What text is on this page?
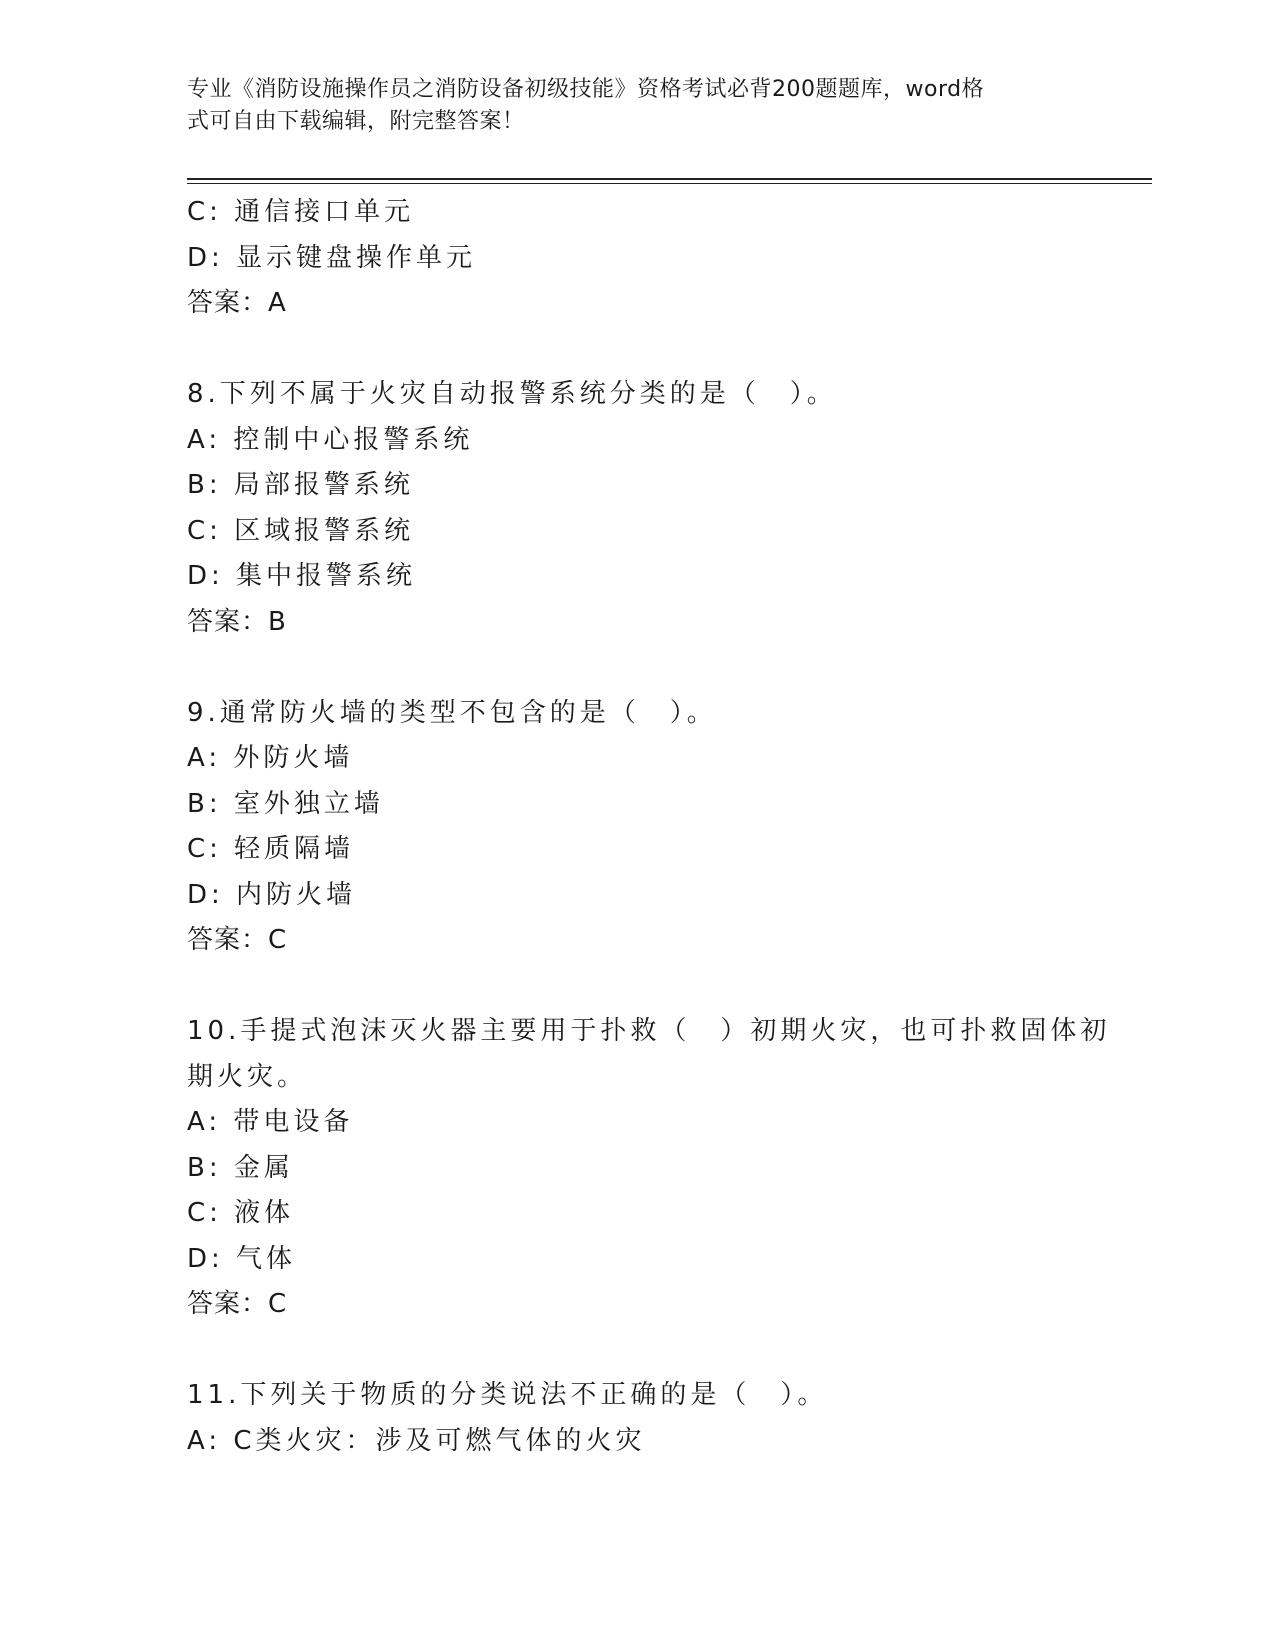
专业《消防设施操作员之消防设备初级技能》资格考试必背200题题库，word格
式可自由下载编辑，附完整答案！
C: 通信接口单元
D: 显示键盘操作单元
答案：A
8.下列不属于火灾自动报警系统分类的是（　）。
A: 控制中心报警系统
B: 局部报警系统
C: 区域报警系统
D: 集中报警系统
答案：B
9.通常防火墙的类型不包含的是（　）。
A: 外防火墙
B: 室外独立墙
C: 轻质隔墙
D: 内防火墙
答案：C
10.手提式泡沫灭火器主要用于扑救（　）初期火灾，也可扑救固体初
期火灾。
A: 带电设备
B: 金属
C: 液体
D: 气体
答案：C
11.下列关于物质的分类说法不正确的是（　）。
A: C类火灾：涉及可燃气体的火灾
